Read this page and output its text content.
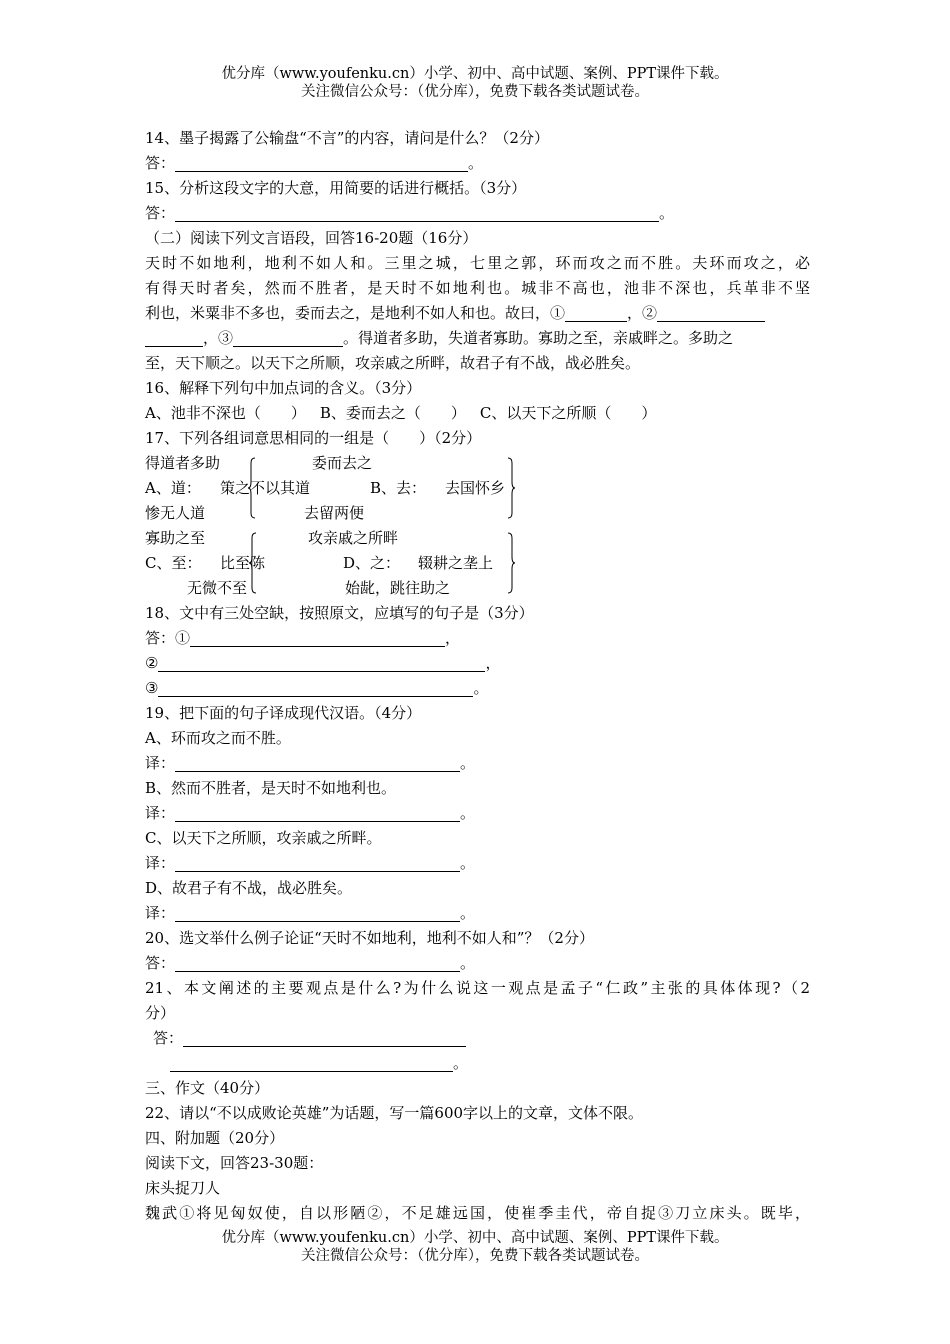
优分库（www.youfenku.cn）小学、初中、高中试题、案例、PPT课件下载。
关注微信公众号：（优分库），免费下载各类试题试卷。
14、墨子揭露了公输盘“不言”的内容，请问是什么？（2分）
答：	。
15、分析这段文字的大意，用简要的话进行概括。（3分）
答：	。
（二）阅读下列文言语段，回答16-20题（16分）
天时不如地利，地利不如人和。三里之城，七里之郭，环而攻之而不胜。夫环而攻之，必
有得天时者矣，然而不胜者，是天时不如地利也。城非不高也，池非不深也，兵革非不坚
利也，米粟非不多也，委而去之，是地利不如人和也。故曰，①	，②
，③	。得道者多助，失道者寡助。寡助之至，亲戚畔之。多助之
至，天下顺之。以天下之所顺，攻亲戚之所畔，故君子有不战，战必胜矣。
16、解释下列句中加点词的含义。（3分）
A、池非不深也（　　） B、委而去之（　　） C、以天下之所顺（　　）
17、下列各组词意思相同的一组是（　　）（2分）
得道者多助
A、道： 策之不以其道
惨无人道
委而去之
B、去： 去国怀乡
去留两便
寡助之至
C、至： 比至陈
无微不至
攻亲戚之所畔
D、之： 辍耕之垄上
始龀，跳往助之
18、文中有三处空缺，按照原文，应填写的句子是（3分）
答：①	，
②	，
③	。
19、把下面的句子译成现代汉语。（4分）
A、环而攻之而不胜。
译：	。
B、然而不胜者，是天时不如地利也。
译：	。
C、以天下之所顺，攻亲戚之所畔。
译：	。
D、故君子有不战，战必胜矣。
译：	。
20、选文举什么例子论证“天时不如地利，地利不如人和”？（2分）
答：	。
21、本文阐述的主要观点是什么?为什么说这一观点是孟子“仁政”主张的具体体现?（2
分）
答：
。
三、作文（40分）
22、请以“不以成败论英雄”为话题，写一篇600字以上的文章，文体不限。
四、附加题（20分）
阅读下文，回答23-30题：
床头捉刀人
魏武①将见匈奴使，自以形陋②，不足雄远国，使崔季圭代，帝自捉③刀立床头。既毕，
优分库（www.youfenku.cn）小学、初中、高中试题、案例、PPT课件下载。
关注微信公众号：（优分库），免费下载各类试题试卷。
